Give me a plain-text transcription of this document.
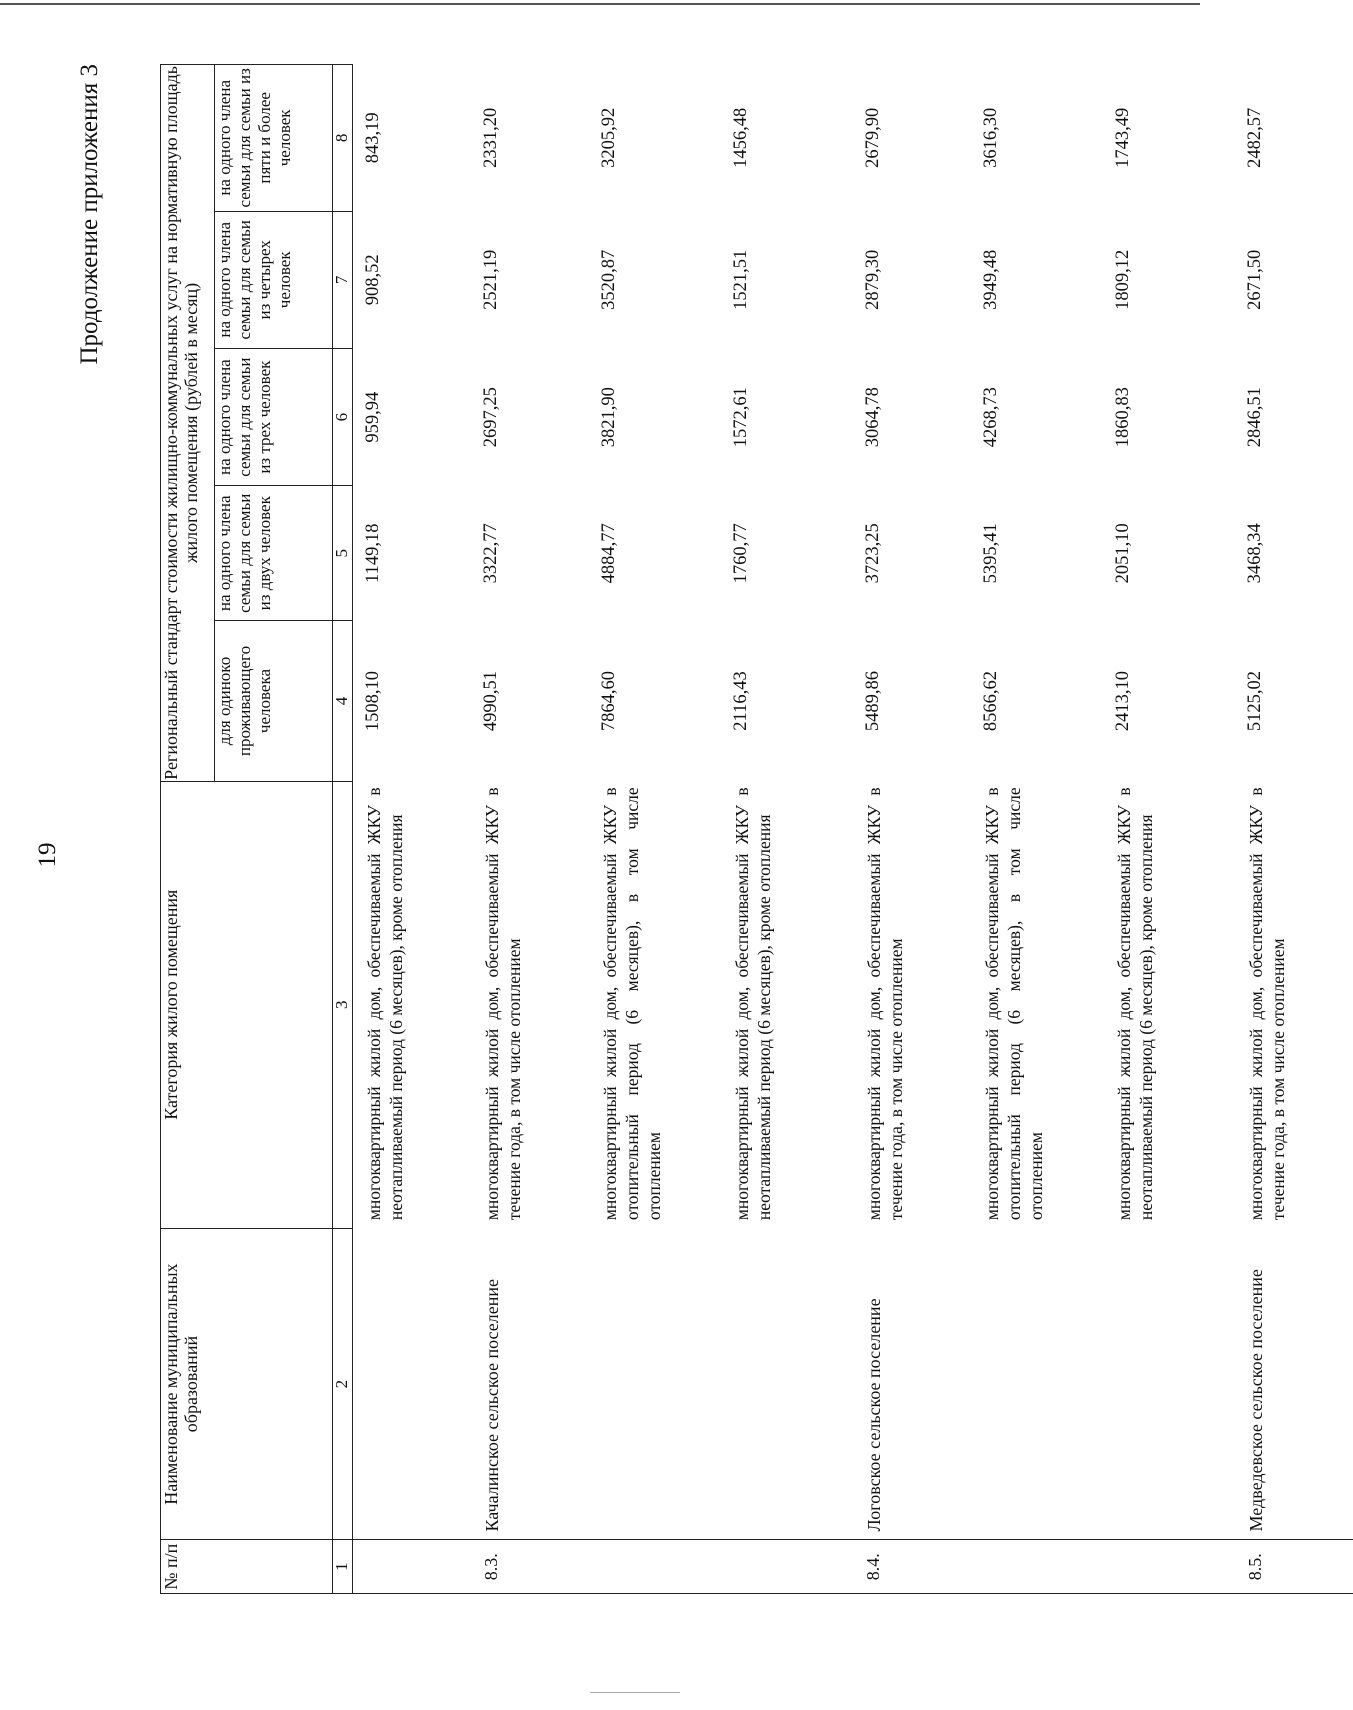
19
Продолжение приложения 3
№ п/п	Наименование муниципальных образований	Категория жилого помещения	Региональный стандарт стоимости жилищно-коммунальных услуг на нормативную площадь жилого помещения (рублей в месяц)				
			для одиноко проживающего человека	на одного члена семьи для семьи из двух человек	на одного члена семьи для семьи из трех человек	на одного члена семьи для семьи из четырех человек	на одного члена семьи для семьи из пяти и более человек
1	2	3	4	5	6	7	8
		многоквартирный жилой дом, обеспечиваемый ЖКУ в неотапливаемый период (6 месяцев), кроме отопления	1508,10	1149,18	959,94	908,52	843,19
8.3.	Качалинское сельское поселение	многоквартирный жилой дом, обеспечиваемый ЖКУ в течение года, в том числе отоплением	4990,51	3322,77	2697,25	2521,19	2331,20
		многоквартирный жилой дом, обеспечиваемый ЖКУ в отопительный период (6 месяцев), в том числе отоплением	7864,60	4884,77	3821,90	3520,87	3205,92
		многоквартирный жилой дом, обеспечиваемый ЖКУ в неотапливаемый период (6 месяцев), кроме отопления	2116,43	1760,77	1572,61	1521,51	1456,48
8.4.	Логовское сельское поселение	многоквартирный жилой дом, обеспечиваемый ЖКУ в течение года, в том числе отоплением	5489,86	3723,25	3064,78	2879,30	2679,90
		многоквартирный жилой дом, обеспечиваемый ЖКУ в отопительный период (6 месяцев), в том числе отоплением	8566,62	5395,41	4268,73	3949,48	3616,30
		многоквартирный жилой дом, обеспечиваемый ЖКУ в неотапливаемый период (6 месяцев), кроме отопления	2413,10	2051,10	1860,83	1809,12	1743,49
8.5.	Медведевское сельское поселение	многоквартирный жилой дом, обеспечиваемый ЖКУ в течение года, в том числе отоплением	5125,02	3468,34	2846,51	2671,50	2482,57
